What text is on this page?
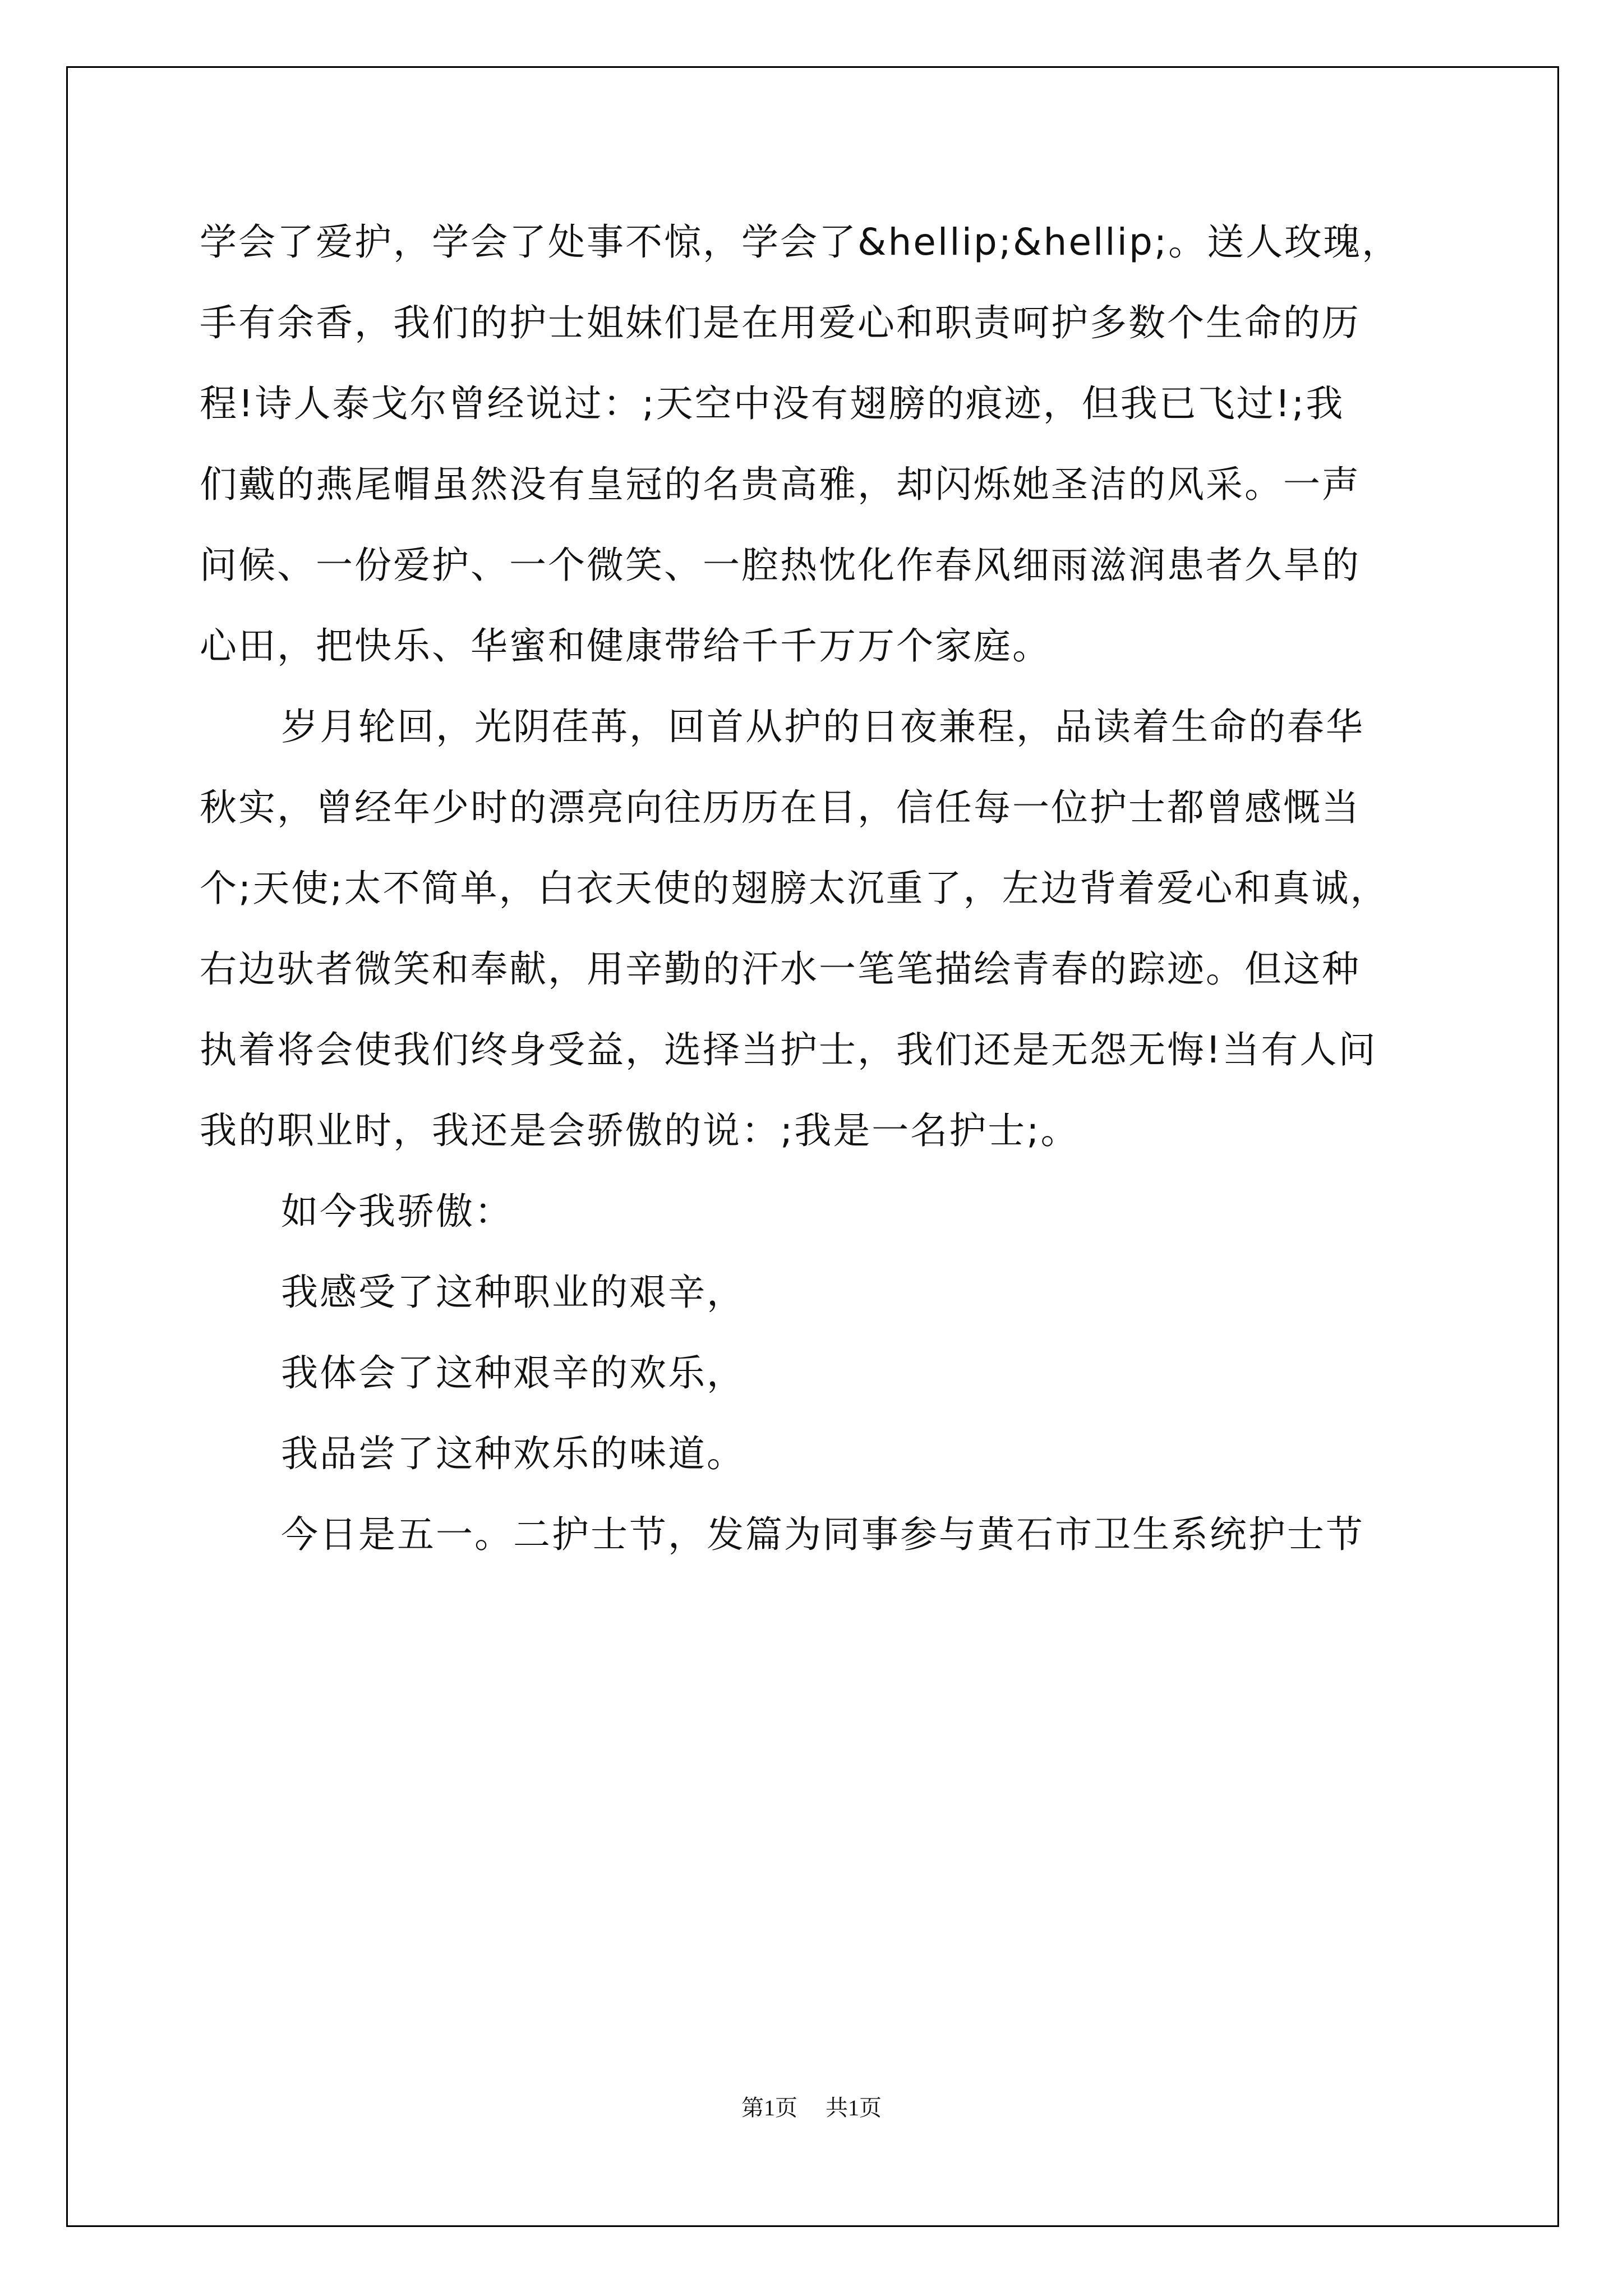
学会了爱护，学会了处事不惊，学会了&hellip;&hellip;。送人玫瑰，
手有余香，我们的护士姐妹们是在用爱心和职责呵护多数个生命的历
程!诗人泰戈尔曾经说过：;天空中没有翅膀的痕迹，但我已飞过!;我
们戴的燕尾帽虽然没有皇冠的名贵高雅，却闪烁她圣洁的风采。一声
问候、一份爱护、一个微笑、一腔热忱化作春风细雨滋润患者久旱的
心田，把快乐、华蜜和健康带给千千万万个家庭。
岁月轮回，光阴荏苒，回首从护的日夜兼程，品读着生命的春华
秋实，曾经年少时的漂亮向往历历在目，信任每一位护士都曾感慨当
个;天使;太不简单，白衣天使的翅膀太沉重了，左边背着爱心和真诚，
右边驮者微笑和奉献，用辛勤的汗水一笔笔描绘青春的踪迹。但这种
执着将会使我们终身受益，选择当护士，我们还是无怨无悔!当有人问
我的职业时，我还是会骄傲的说：;我是一名护士;。
如今我骄傲：
我感受了这种职业的艰辛，
我体会了这种艰辛的欢乐，
我品尝了这种欢乐的味道。
今日是五一。二护士节，发篇为同事参与黄石市卫生系统护士节
第1页 共1页
